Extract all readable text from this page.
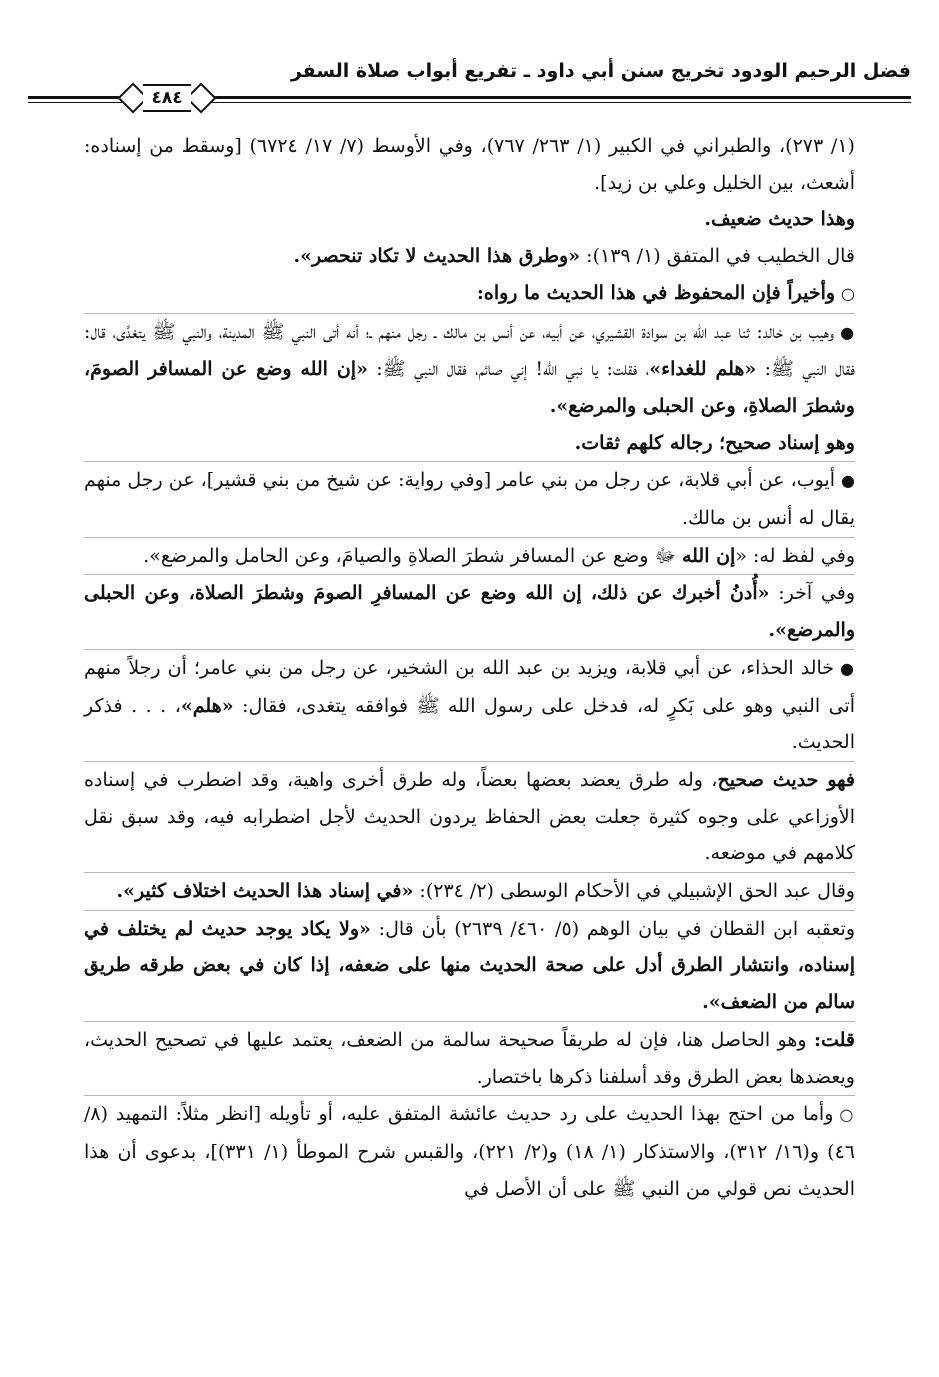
فضل الرحيم الودود تخريج سنن أبي داود ـ تفريع أبواب صلاة السفر
٤٨٤

(١/ ٢٧٣)، والطبراني في الكبير (١/ ٢٦٣/ ٧٦٧)، وفي الأوسط (٧/ ١٧/ ٦٧٢٤) [وسقط من إسناده: أشعث، بين الخليل وعلي بن زيد].

وهذا حديث ضعيف.

قال الخطيب في المتفق (١/ ١٣٩): «وطرق هذا الحديث لا تكاد تنحصر».

○وأخيراً فإن المحفوظ في هذا الحديث ما رواه:

●وهيب بن خالد: ثنا عبد الله بن سوادة القشيري، عن أبيه، عن أنس بن مالك ـ رجل منهم ـ؛ أنه أتى النبي ﷺ المدينة، والنبي ﷺ يتغدَّى، قال: فقال النبي ﷺ: «هلم للغداء»، فقلت: يا نبي الله! إني صائم، فقال النبي ﷺ: «إن الله وضع عن المسافر الصومَ، وشطرَ الصلاةِ، وعن الحبلى والمرضع».

وهو إسناد صحيح؛ رجاله كلهم ثقات.

●أيوب، عن أبي قلابة، عن رجل من بني عامر [وفي رواية: عن شيخ من بني قشير]، عن رجل منهم يقال له أنس بن مالك.

وفي لفظ له: «إن الله ﷻ وضع عن المسافر شطرَ الصلاةِ والصيامَ، وعن الحامل والمرضع».

وفي آخر: «أُدنُ أخبرك عن ذلك، إن الله وضع عن المسافرِ الصومَ وشطرَ الصلاة، وعن الحبلى والمرضع».

●خالد الحذاء، عن أبي قلابة، ويزيد بن عبد الله بن الشخير، عن رجل من بني عامر؛ أن رجلاً منهم أتى النبي وهو على بَكرٍ له، فدخل على رسول الله ﷺ فوافقه يتغدى، فقال: «هلم»، . . . فذكر الحديث.

فهو حديث صحيح، وله طرق يعضد بعضها بعضاً، وله طرق أخرى واهية، وقد اضطرب في إسناده الأوزاعي على وجوه كثيرة جعلت بعض الحفاظ يردون الحديث لأجل اضطرابه فيه، وقد سبق نقل كلامهم في موضعه.

وقال عبد الحق الإشبيلي في الأحكام الوسطى (٢/ ٢٣٤): «في إسناد هذا الحديث اختلاف كثير».

وتعقبه ابن القطان في بيان الوهم (٥/ ٤٦٠/ ٢٦٣٩) بأن قال: «ولا يكاد يوجد حديث لم يختلف في إسناده، وانتشار الطرق أدل على صحة الحديث منها على ضعفه، إذا كان في بعض طرقه طريق سالم من الضعف».

قلت: وهو الحاصل هنا، فإن له طريقاً صحيحة سالمة من الضعف، يعتمد عليها في تصحيح الحديث، ويعضدها بعض الطرق وقد أسلفنا ذكرها باختصار.

○وأما من احتج بهذا الحديث على رد حديث عائشة المتفق عليه، أو تأويله [انظر مثلاً: التمهيد (٨/ ٤٦) و(١٦/ ٣١٢)، والاستذكار (١/ ١٨) و(٢/ ٢٢١)، والقبس شرح الموطأ (١/ ٣٣١)]، بدعوى أن هذا الحديث نص قولي من النبي ﷺ على أن الأصل في
